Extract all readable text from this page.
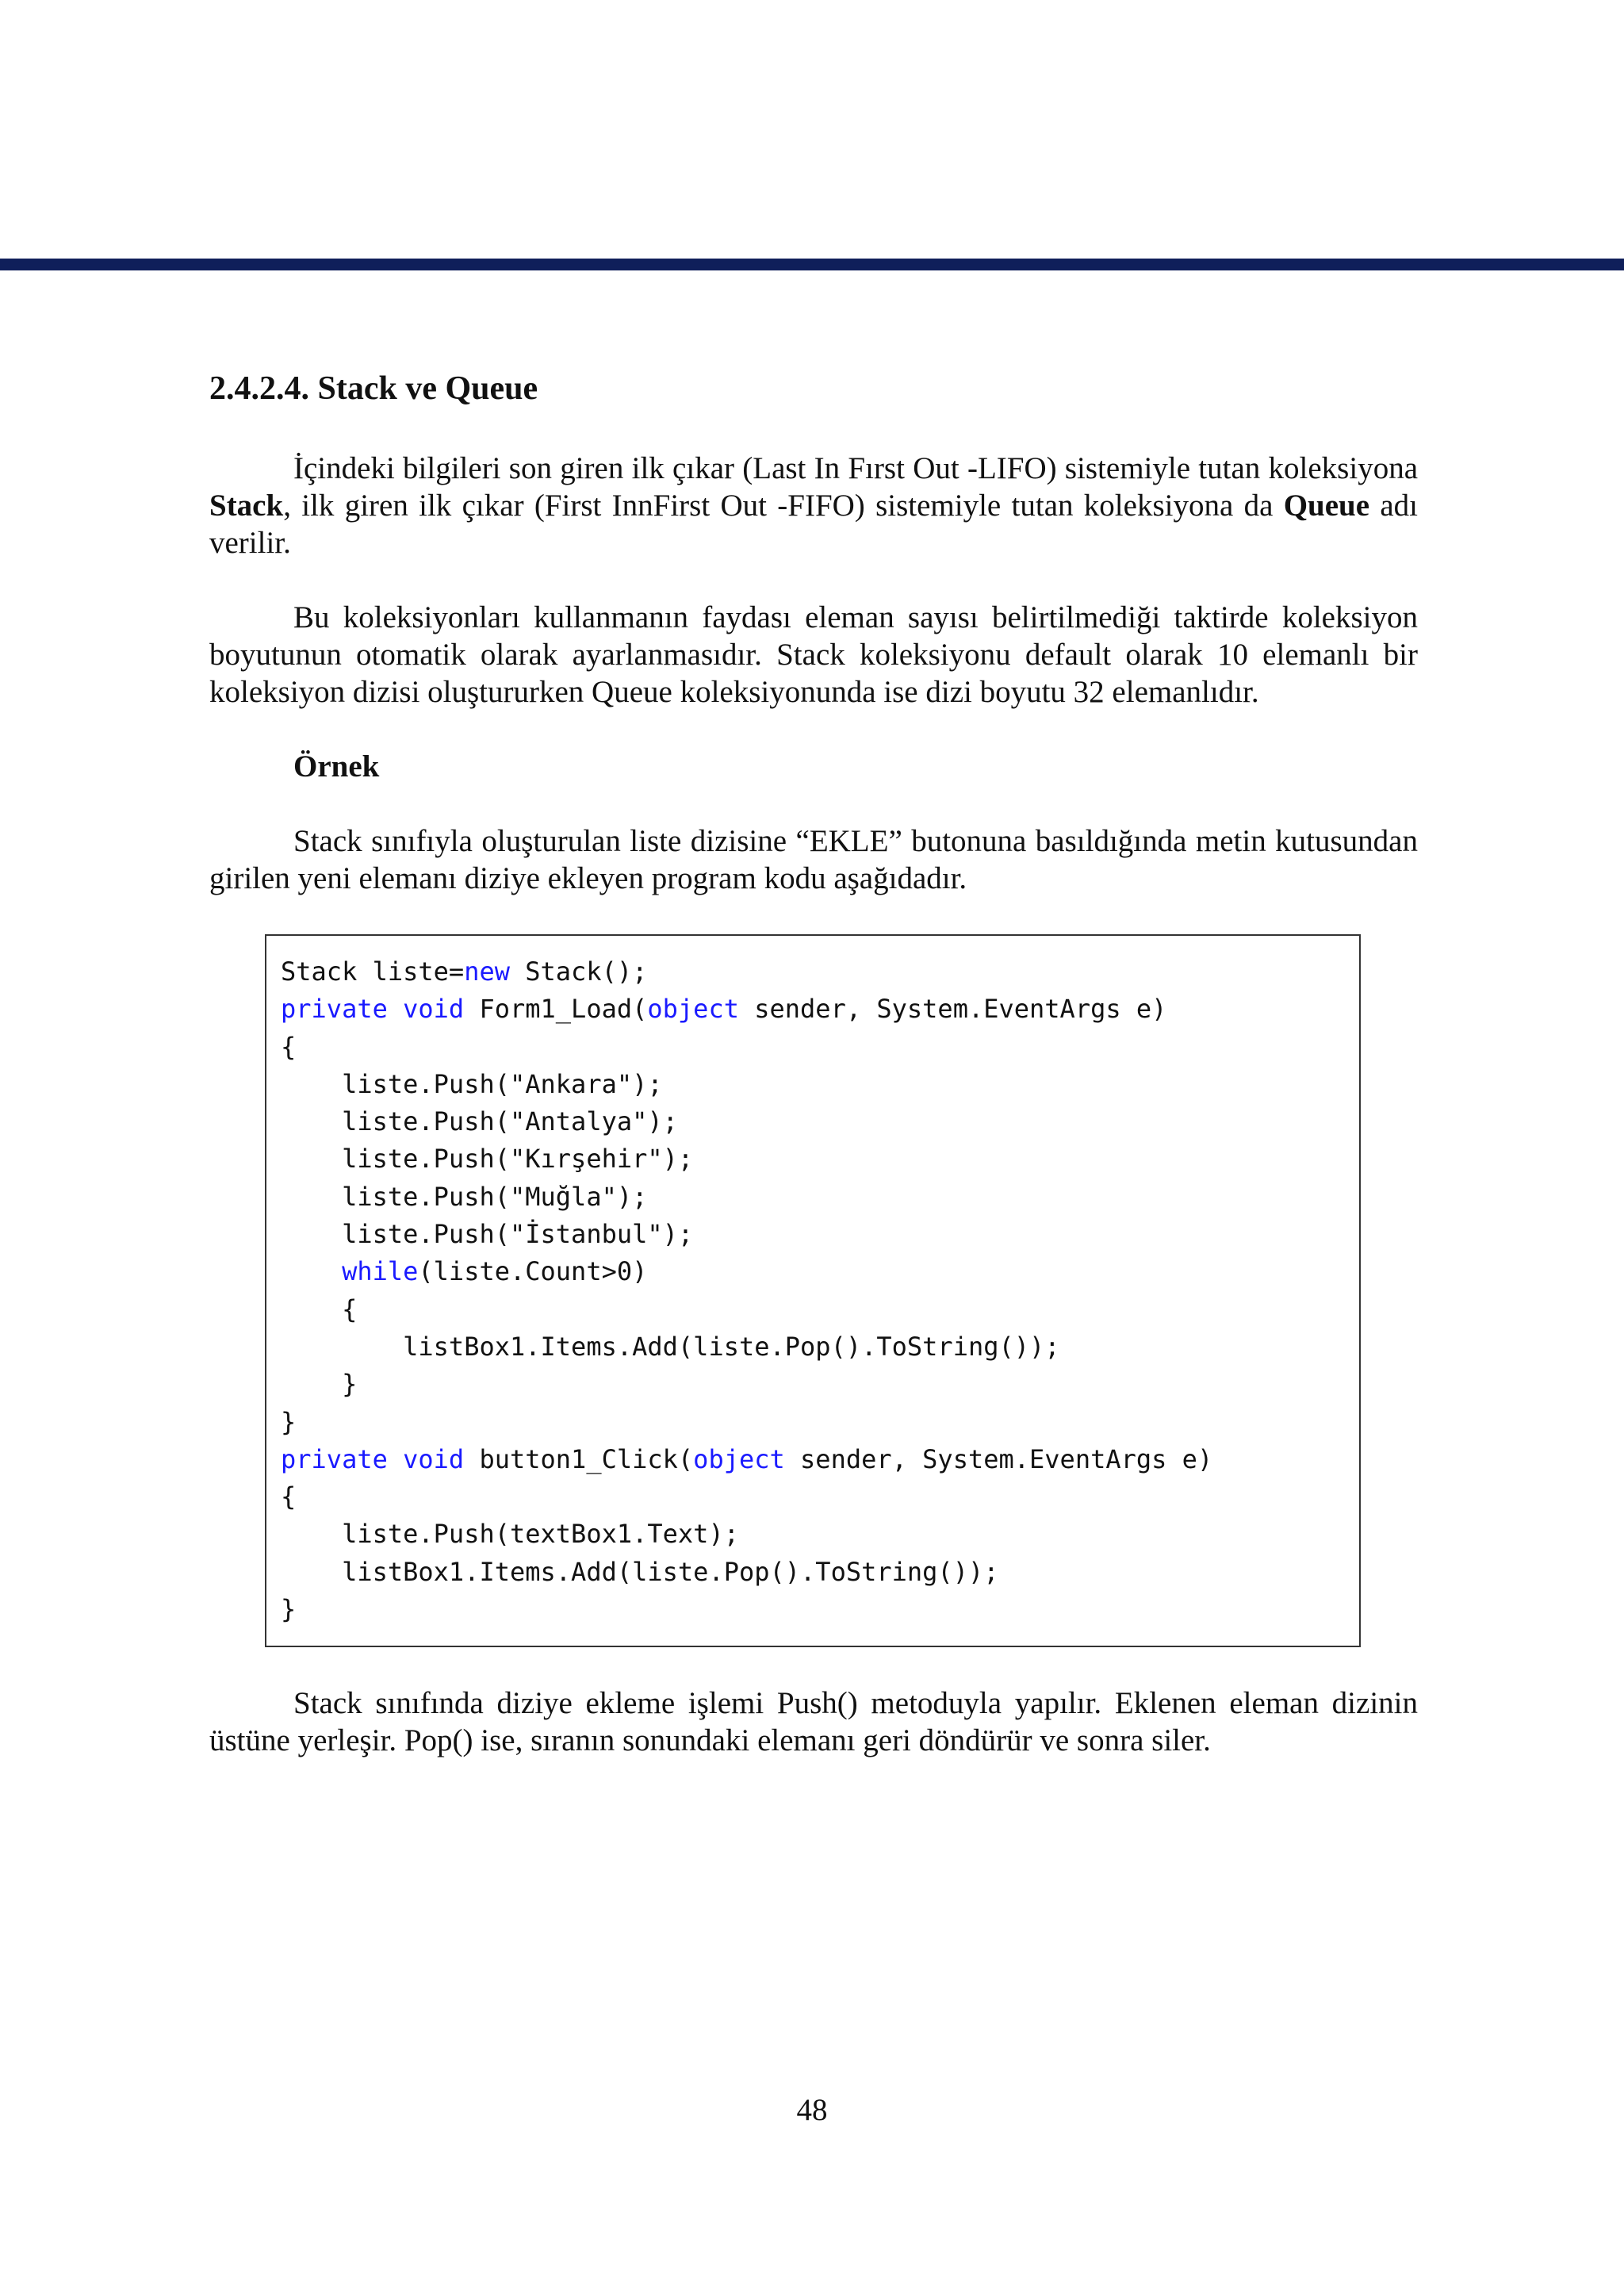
2.4.2.4. Stack ve Queue

İçindeki bilgileri son giren ilk çıkar (Last In Fırst Out -LIFO) sistemiyle tutan koleksiyona Stack, ilk giren ilk çıkar (First InnFirst Out -FIFO) sistemiyle tutan koleksiyona da Queue adı verilir.

Bu koleksiyonları kullanmanın faydası eleman sayısı belirtilmediği taktirde koleksiyon boyutunun otomatik olarak ayarlanmasıdır. Stack koleksiyonu default olarak 10 elemanlı bir koleksiyon dizisi oluştururken Queue koleksiyonunda ise dizi boyutu 32 elemanlıdır.

Örnek

Stack sınıfıyla oluşturulan liste dizisine “EKLE” butonuna basıldığında metin kutusundan girilen yeni elemanı diziye ekleyen program kodu aşağıdadır.

Stack liste=new Stack();
private void Form1_Load(object sender, System.EventArgs e)
{
liste.Push("Ankara");
liste.Push("Antalya");
liste.Push("Kırşehir");
liste.Push("Muğla");
liste.Push("İstanbul");
while(liste.Count>0)
{
listBox1.Items.Add(liste.Pop().ToString());
}
}
private void button1_Click(object sender, System.EventArgs e)
{
liste.Push(textBox1.Text);
listBox1.Items.Add(liste.Pop().ToString());
}

Stack sınıfında diziye ekleme işlemi Push() metoduyla yapılır. Eklenen eleman dizinin üstüne yerleşir. Pop() ise, sıranın sonundaki elemanı geri döndürür ve sonra siler.

48
